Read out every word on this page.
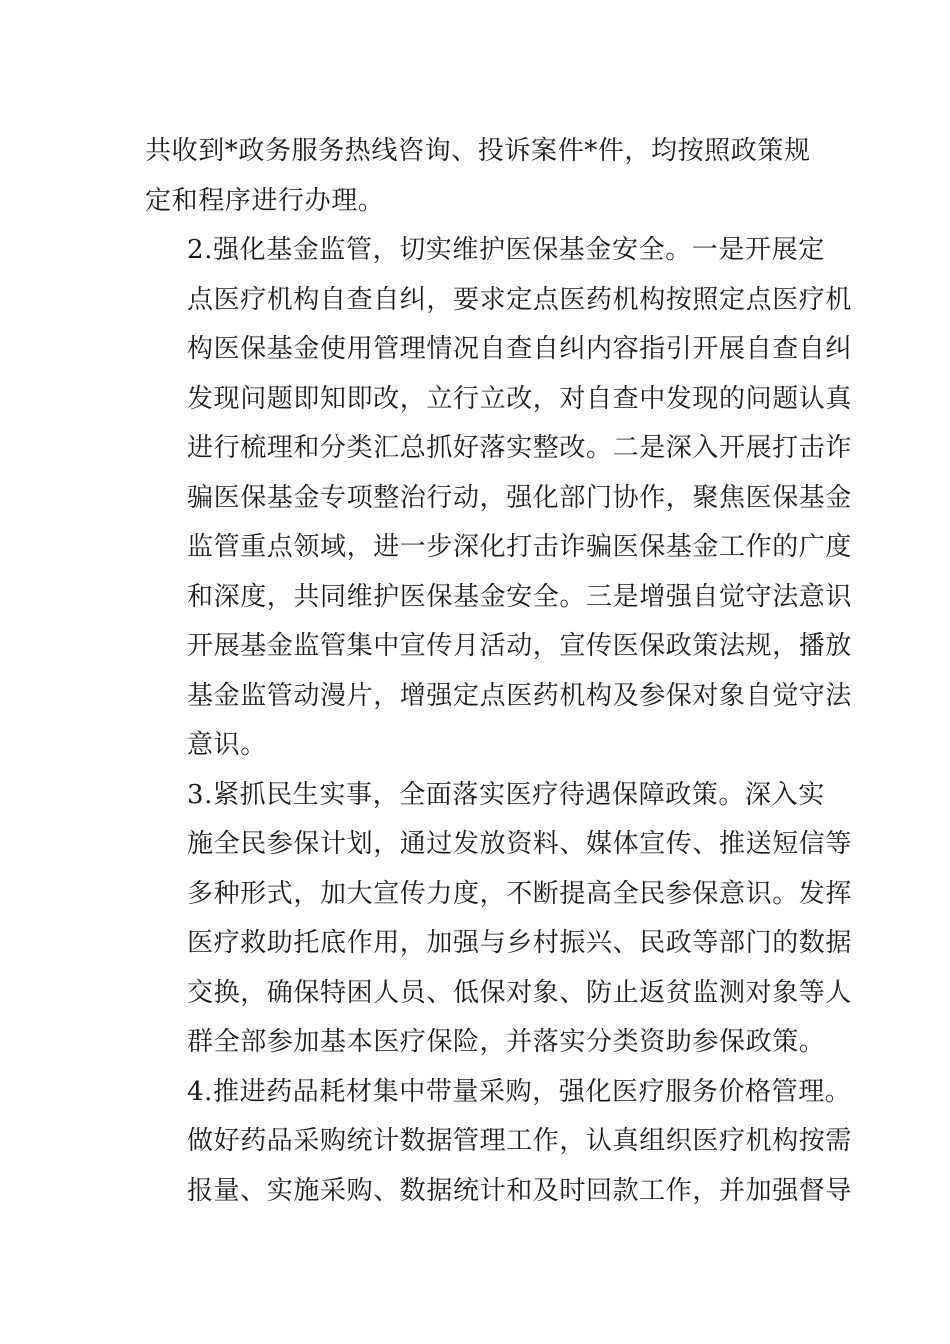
共收到*政务服务热线咨询、投诉案件*件，均按照政策规
定和程序进行办理。

2.强化基金监管，切实维护医保基金安全。一是开展定
点医疗机构自查自纠，要求定点医药机构按照定点医疗机
构医保基金使用管理情况自查自纠内容指引开展自查自纠
发现问题即知即改，立行立改，对自查中发现的问题认真
进行梳理和分类汇总抓好落实整改。二是深入开展打击诈
骗医保基金专项整治行动，强化部门协作，聚焦医保基金
监管重点领域，进一步深化打击诈骗医保基金工作的广度
和深度，共同维护医保基金安全。三是增强自觉守法意识
开展基金监管集中宣传月活动，宣传医保政策法规，播放
基金监管动漫片，增强定点医药机构及参保对象自觉守法
意识。

3.紧抓民生实事，全面落实医疗待遇保障政策。深入实
施全民参保计划，通过发放资料、媒体宣传、推送短信等
多种形式，加大宣传力度，不断提高全民参保意识。发挥
医疗救助托底作用，加强与乡村振兴、民政等部门的数据
交换，确保特困人员、低保对象、防止返贫监测对象等人
群全部参加基本医疗保险，并落实分类资助参保政策。

4.推进药品耗材集中带量采购，强化医疗服务价格管理。
做好药品采购统计数据管理工作，认真组织医疗机构按需
报量、实施采购、数据统计和及时回款工作，并加强督导
